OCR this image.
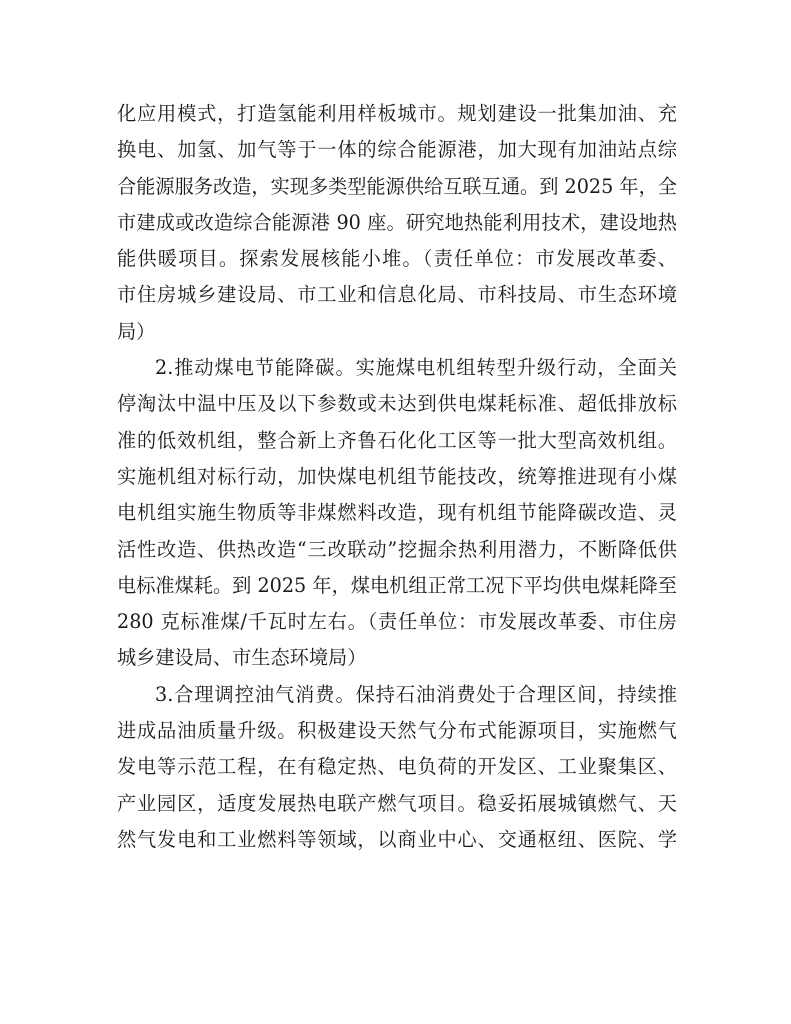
化应用模式，打造氢能利用样板城市。规划建设一批集加油、充
换电、加氢、加气等于一体的综合能源港，加大现有加油站点综
合能源服务改造，实现多类型能源供给互联互通。到 2025 年，全
市建成或改造综合能源港 90 座。研究地热能利用技术，建设地热
能供暖项目。探索发展核能小堆。（责任单位：市发展改革委、
市住房城乡建设局、市工业和信息化局、市科技局、市生态环境
局）
2.推动煤电节能降碳。实施煤电机组转型升级行动，全面关
停淘汰中温中压及以下参数或未达到供电煤耗标准、超低排放标
准的低效机组，整合新上齐鲁石化化工区等一批大型高效机组。
实施机组对标行动，加快煤电机组节能技改，统筹推进现有小煤
电机组实施生物质等非煤燃料改造，现有机组节能降碳改造、灵
活性改造、供热改造“三改联动”挖掘余热利用潜力，不断降低供
电标准煤耗。到 2025 年，煤电机组正常工况下平均供电煤耗降至
280 克标准煤/千瓦时左右。（责任单位：市发展改革委、市住房
城乡建设局、市生态环境局）
3.合理调控油气消费。保持石油消费处于合理区间，持续推
进成品油质量升级。积极建设天然气分布式能源项目，实施燃气
发电等示范工程，在有稳定热、电负荷的开发区、工业聚集区、
产业园区，适度发展热电联产燃气项目。稳妥拓展城镇燃气、天
然气发电和工业燃料等领域，以商业中心、交通枢纽、医院、学
